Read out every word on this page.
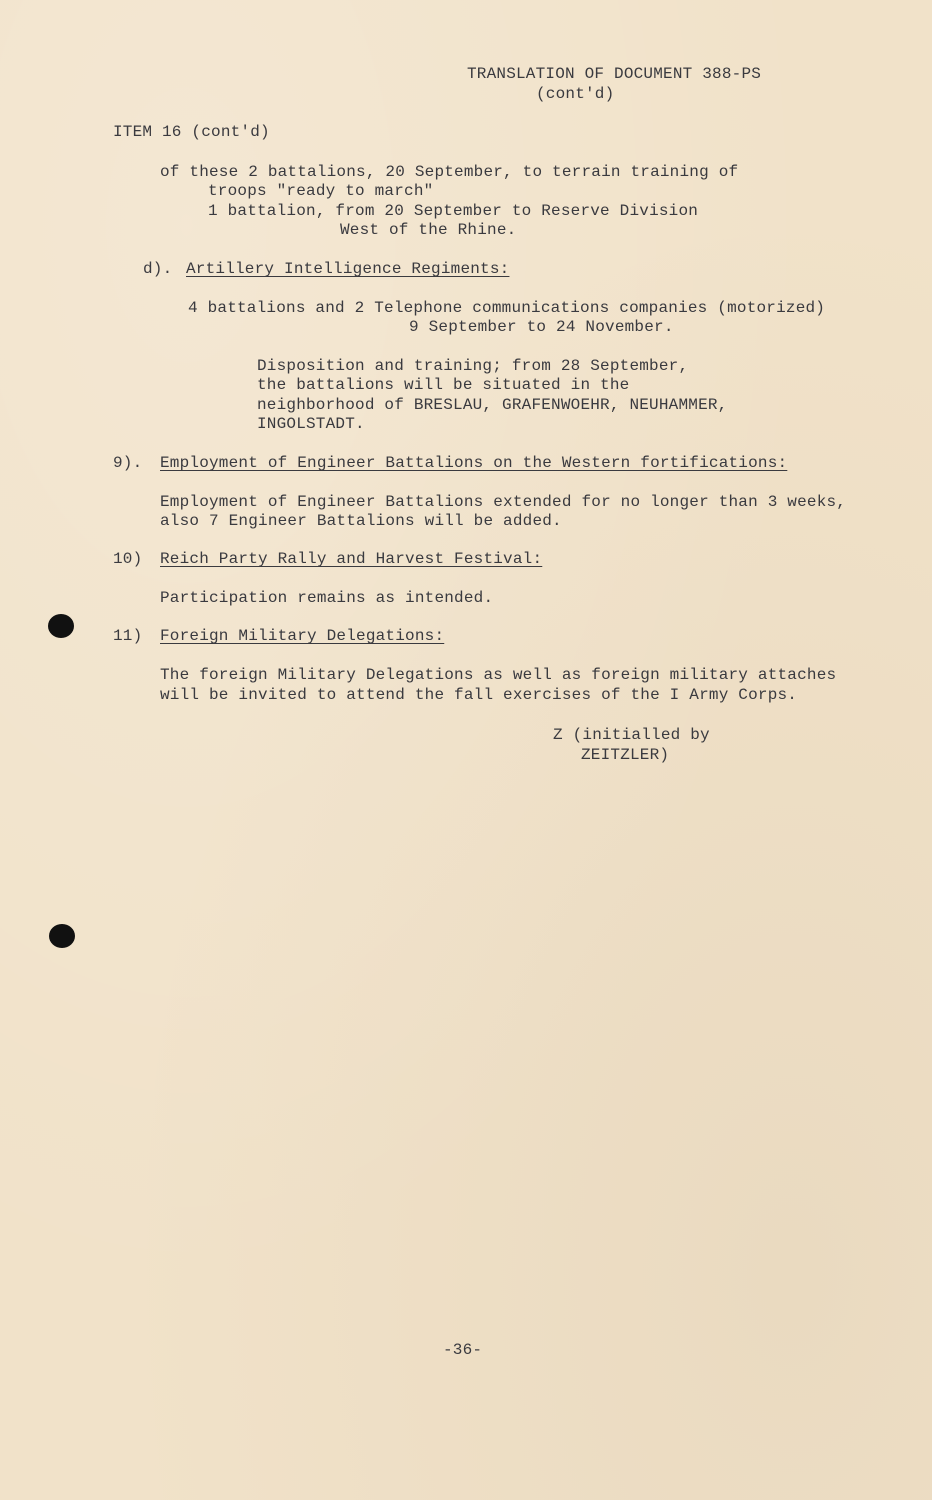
TRANSLATION OF DOCUMENT 388-PS
(cont'd)
ITEM 16 (cont'd)
of these 2 battalions, 20 September, to terrain training of
troops "ready to march"
1 battalion, from 20 September to Reserve Division
West of the Rhine.
d). Artillery Intelligence Regiments:
4 battalions and 2 Telephone communications companies (motorized)
9 September to 24 November.
Disposition and training; from 28 September,
the battalions will be situated in the
neighborhood of BRESLAU, GRAFENWOEHR, NEUHAMMER,
INGOLSTADT.
9). Employment of Engineer Battalions on the Western fortifications:
Employment of Engineer Battalions extended for no longer than 3 weeks,
also 7 Engineer Battalions will be added.
10) Reich Party Rally and Harvest Festival:
Participation remains as intended.
11) Foreign Military Delegations:
The foreign Military Delegations as well as foreign military attaches
will be invited to attend the fall exercises of the I Army Corps.
Z (initialled by
ZEITZLER)
-36-
